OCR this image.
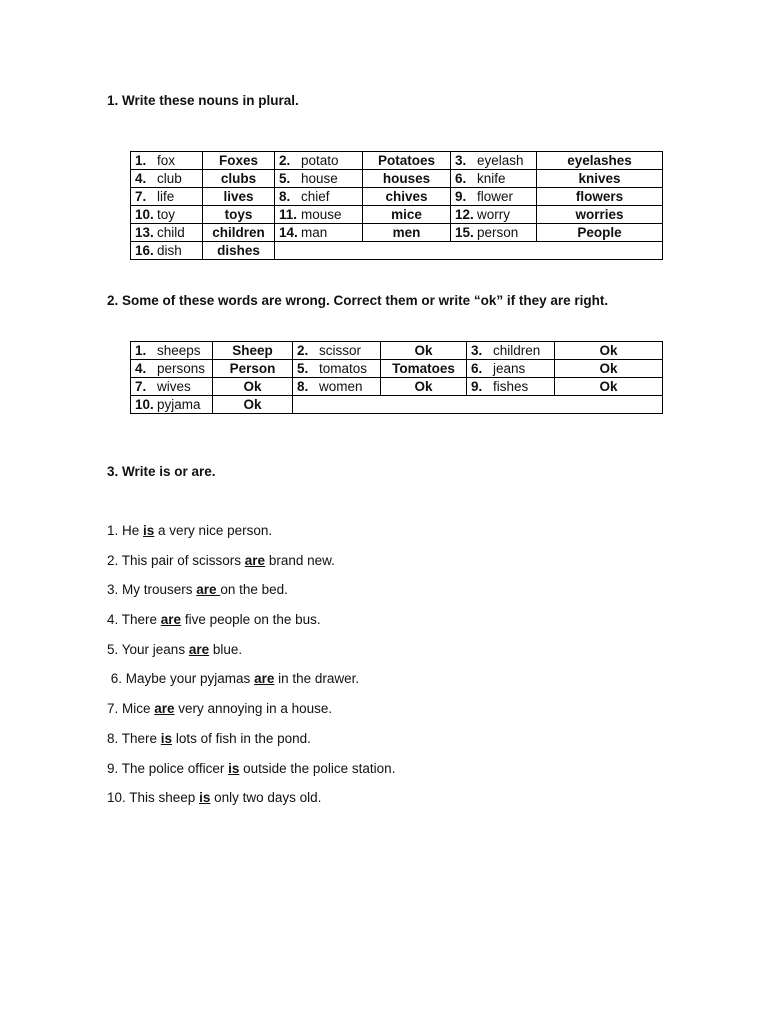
1. Write these nouns in plural.

1. fox	Foxes	2. potato	Potatoes	3. eyelash	eyelashes
4. club	clubs	5. house	houses	6. knife	knives
7. life	lives	8. chief	chives	9. flower	flowers
10. toy	toys	11. mouse	mice	12. worry	worries
13. child	children	14. man	men	15. person	People
16. dish	dishes				

2. Some of these words are wrong. Correct them or write “ok” if they are right.

1. sheeps	Sheep	2. scissor	Ok	3. children	Ok
4. persons	Person	5. tomatos	Tomatoes	6. jeans	Ok
7. wives	Ok	8. women	Ok	9. fishes	Ok
10. pyjama	Ok				

3. Write is or are.

1. He is a very nice person.
2. This pair of scissors are brand new.
3. My trousers are on the bed.
4. There are five people on the bus.
5. Your jeans are blue.
6. Maybe your pyjamas are in the drawer.
7. Mice are very annoying in a house.
8. There is lots of fish in the pond.
9. The police officer is outside the police station.
10. This sheep is only two days old.
